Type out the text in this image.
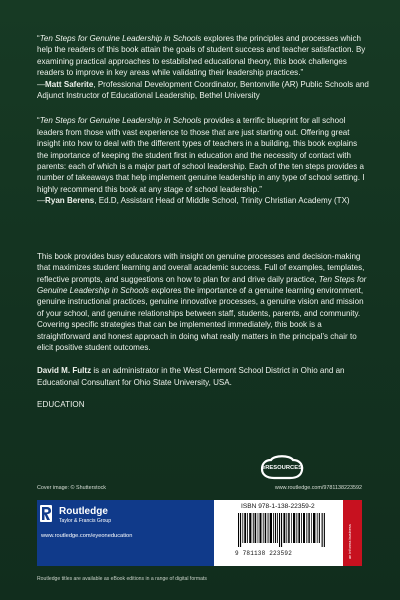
“Ten Steps for Genuine Leadership in Schools explores the principles and processes which help the readers of this book attain the goals of student success and teacher satisfaction. By examining practical approaches to established educational theory, this book challenges readers to improve in key areas while validating their leadership practices.”
—Matt Saferite, Professional Development Coordinator, Bentonville (AR) Public Schools and Adjunct Instructor of Educational Leadership, Bethel University
“Ten Steps for Genuine Leadership in Schools provides a terrific blueprint for all school leaders from those with vast experience to those that are just starting out. Offering great insight into how to deal with the different types of teachers in a building, this book explains the importance of keeping the student first in education and the necessity of contact with parents: each of which is a major part of school leadership. Each of the ten steps provides a number of takeaways that help implement genuine leadership in any type of school setting. I highly recommend this book at any stage of school leadership.”
—Ryan Berens, Ed.D, Assistant Head of Middle School, Trinity Christian Academy (TX)
This book provides busy educators with insight on genuine processes and decision-making that maximizes student learning and overall academic success. Full of examples, templates, reflective prompts, and suggestions on how to plan for and drive daily practice, Ten Steps for Genuine Leadership in Schools explores the importance of a genuine learning environment, genuine instructional practices, genuine innovative processes, a genuine vision and mission of your school, and genuine relationships between staff, students, parents, and community. Covering specific strategies that can be implemented immediately, this book is a straightforward and honest approach in doing what really matters in the principal’s chair to elicit positive student outcomes.
David M. Fultz is an administrator in the West Clermont School District in Ohio and an Educational Consultant for Ohio State University, USA.
EDUCATION
eRESOURCES
Cover image: © Shutterstock	www.routledge.com/9781138223592
Routledge
Taylor & Francis Group
www.routledge.com/eyeoneducation
ISBN 978-1-138-22359-2
9 781138 223592	an informa business
Routledge titles are available as eBook editions in a range of digital formats
